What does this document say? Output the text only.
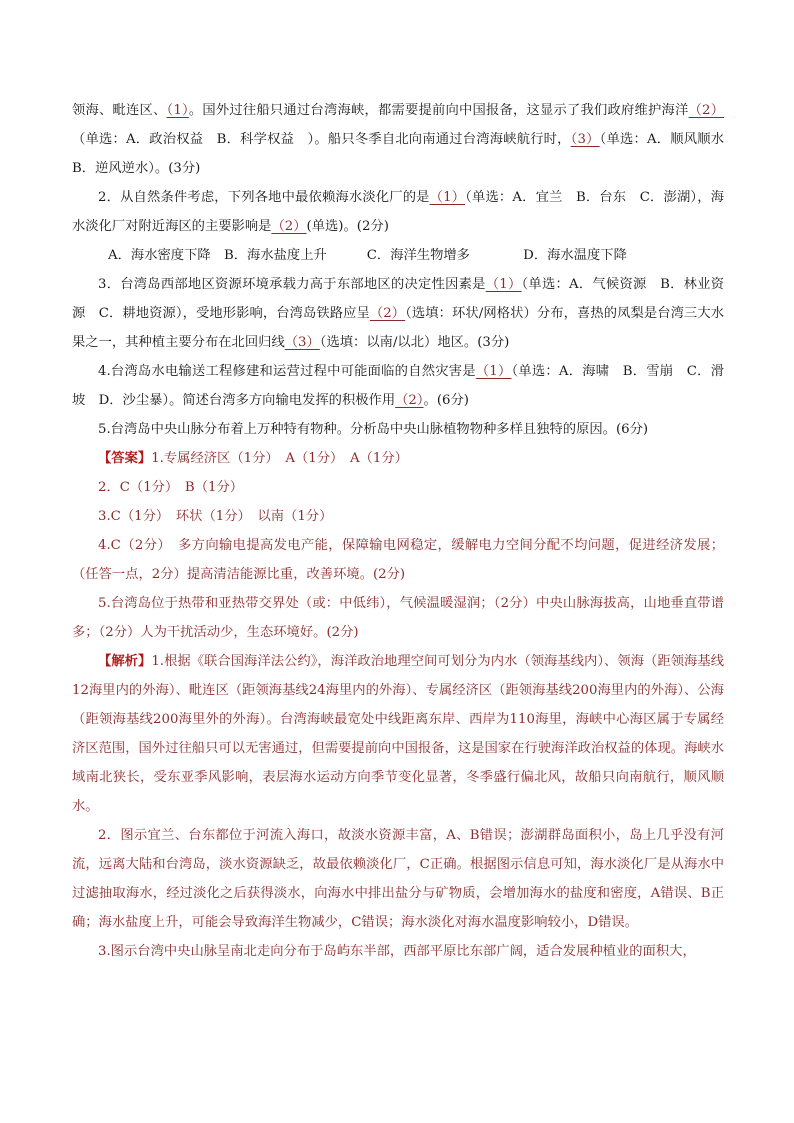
领海、毗连区、（1）。国外过往船只通过台湾海峡，都需要提前向中国报备，这显示了我们政府维护海洋（2）（单选：A．政治权益　B．科学权益　）。船只冬季自北向南通过台湾海峡航行时，（3）（单选：A．顺风顺水　B．逆风逆水）。(3分)

2．从自然条件考虑，下列各地中最依赖海水淡化厂的是（1）（单选：A．宜兰　B．台东　C．澎湖），海水淡化厂对附近海区的主要影响是（2）(单选)。(2分)

A．海水密度下降　B．海水盐度上升　　　C．海洋生物增多　　　　D．海水温度下降

3．台湾岛西部地区资源环境承载力高于东部地区的决定性因素是（1）（单选：A．气候资源　B．林业资源　C．耕地资源），受地形影响，台湾岛铁路应呈（2）（选填：环状/网格状）分布，喜热的凤梨是台湾三大水果之一，其种植主要分布在北回归线（3）（选填：以南/以北）地区。(3分)

4.台湾岛水电输送工程修建和运营过程中可能面临的自然灾害是（1）（单选：A．海啸　B．雪崩　C．滑坡　D．沙尘暴）。简述台湾多方向输电发挥的积极作用（2）。(6分)

5.台湾岛中央山脉分布着上万种特有物种。分析岛中央山脉植物物种多样且独特的原因。(6分)

【答案】1.专属经济区（1分）　A（1分）　A（1分）

2．C（1分）　B（1分）

3.C（1分）　环状（1分）　以南（1分）

4.C（2分）　多方向输电提高发电产能，保障输电网稳定，缓解电力空间分配不均问题，促进经济发展；（任答一点，2分）提高清洁能源比重，改善环境。(2分)

5.台湾岛位于热带和亚热带交界处（或：中低纬），气候温暖湿润；（2分）中央山脉海拔高，山地垂直带谱多；（2分）人为干扰活动少，生态环境好。(2分)

【解析】1.根据《联合国海洋法公约》，海洋政治地理空间可划分为内水（领海基线内）、领海（距领海基线12海里内的外海）、毗连区（距领海基线24海里内的外海）、专属经济区（距领海基线200海里内的外海）、公海（距领海基线200海里外的外海）。台湾海峡最宽处中线距离东岸、西岸为110海里，海峡中心海区属于专属经济区范围，国外过往船只可以无害通过，但需要提前向中国报备，这是国家在行驶海洋政治权益的体现。海峡水域南北狭长，受东亚季风影响，表层海水运动方向季节变化显著，冬季盛行偏北风，故船只向南航行，顺风顺水。

2．图示宜兰、台东都位于河流入海口，故淡水资源丰富，A、B错误；澎湖群岛面积小，岛上几乎没有河流，远离大陆和台湾岛，淡水资源缺乏，故最依赖淡化厂，C正确。根据图示信息可知，海水淡化厂是从海水中过滤抽取海水，经过淡化之后获得淡水，向海水中排出盐分与矿物质，会增加海水的盐度和密度，A错误、B正确；海水盐度上升，可能会导致海洋生物减少，C错误；海水淡化对海水温度影响较小，D错误。

3.图示台湾中央山脉呈南北走向分布于岛屿东半部，西部平原比东部广阔，适合发展种植业的面积大，
